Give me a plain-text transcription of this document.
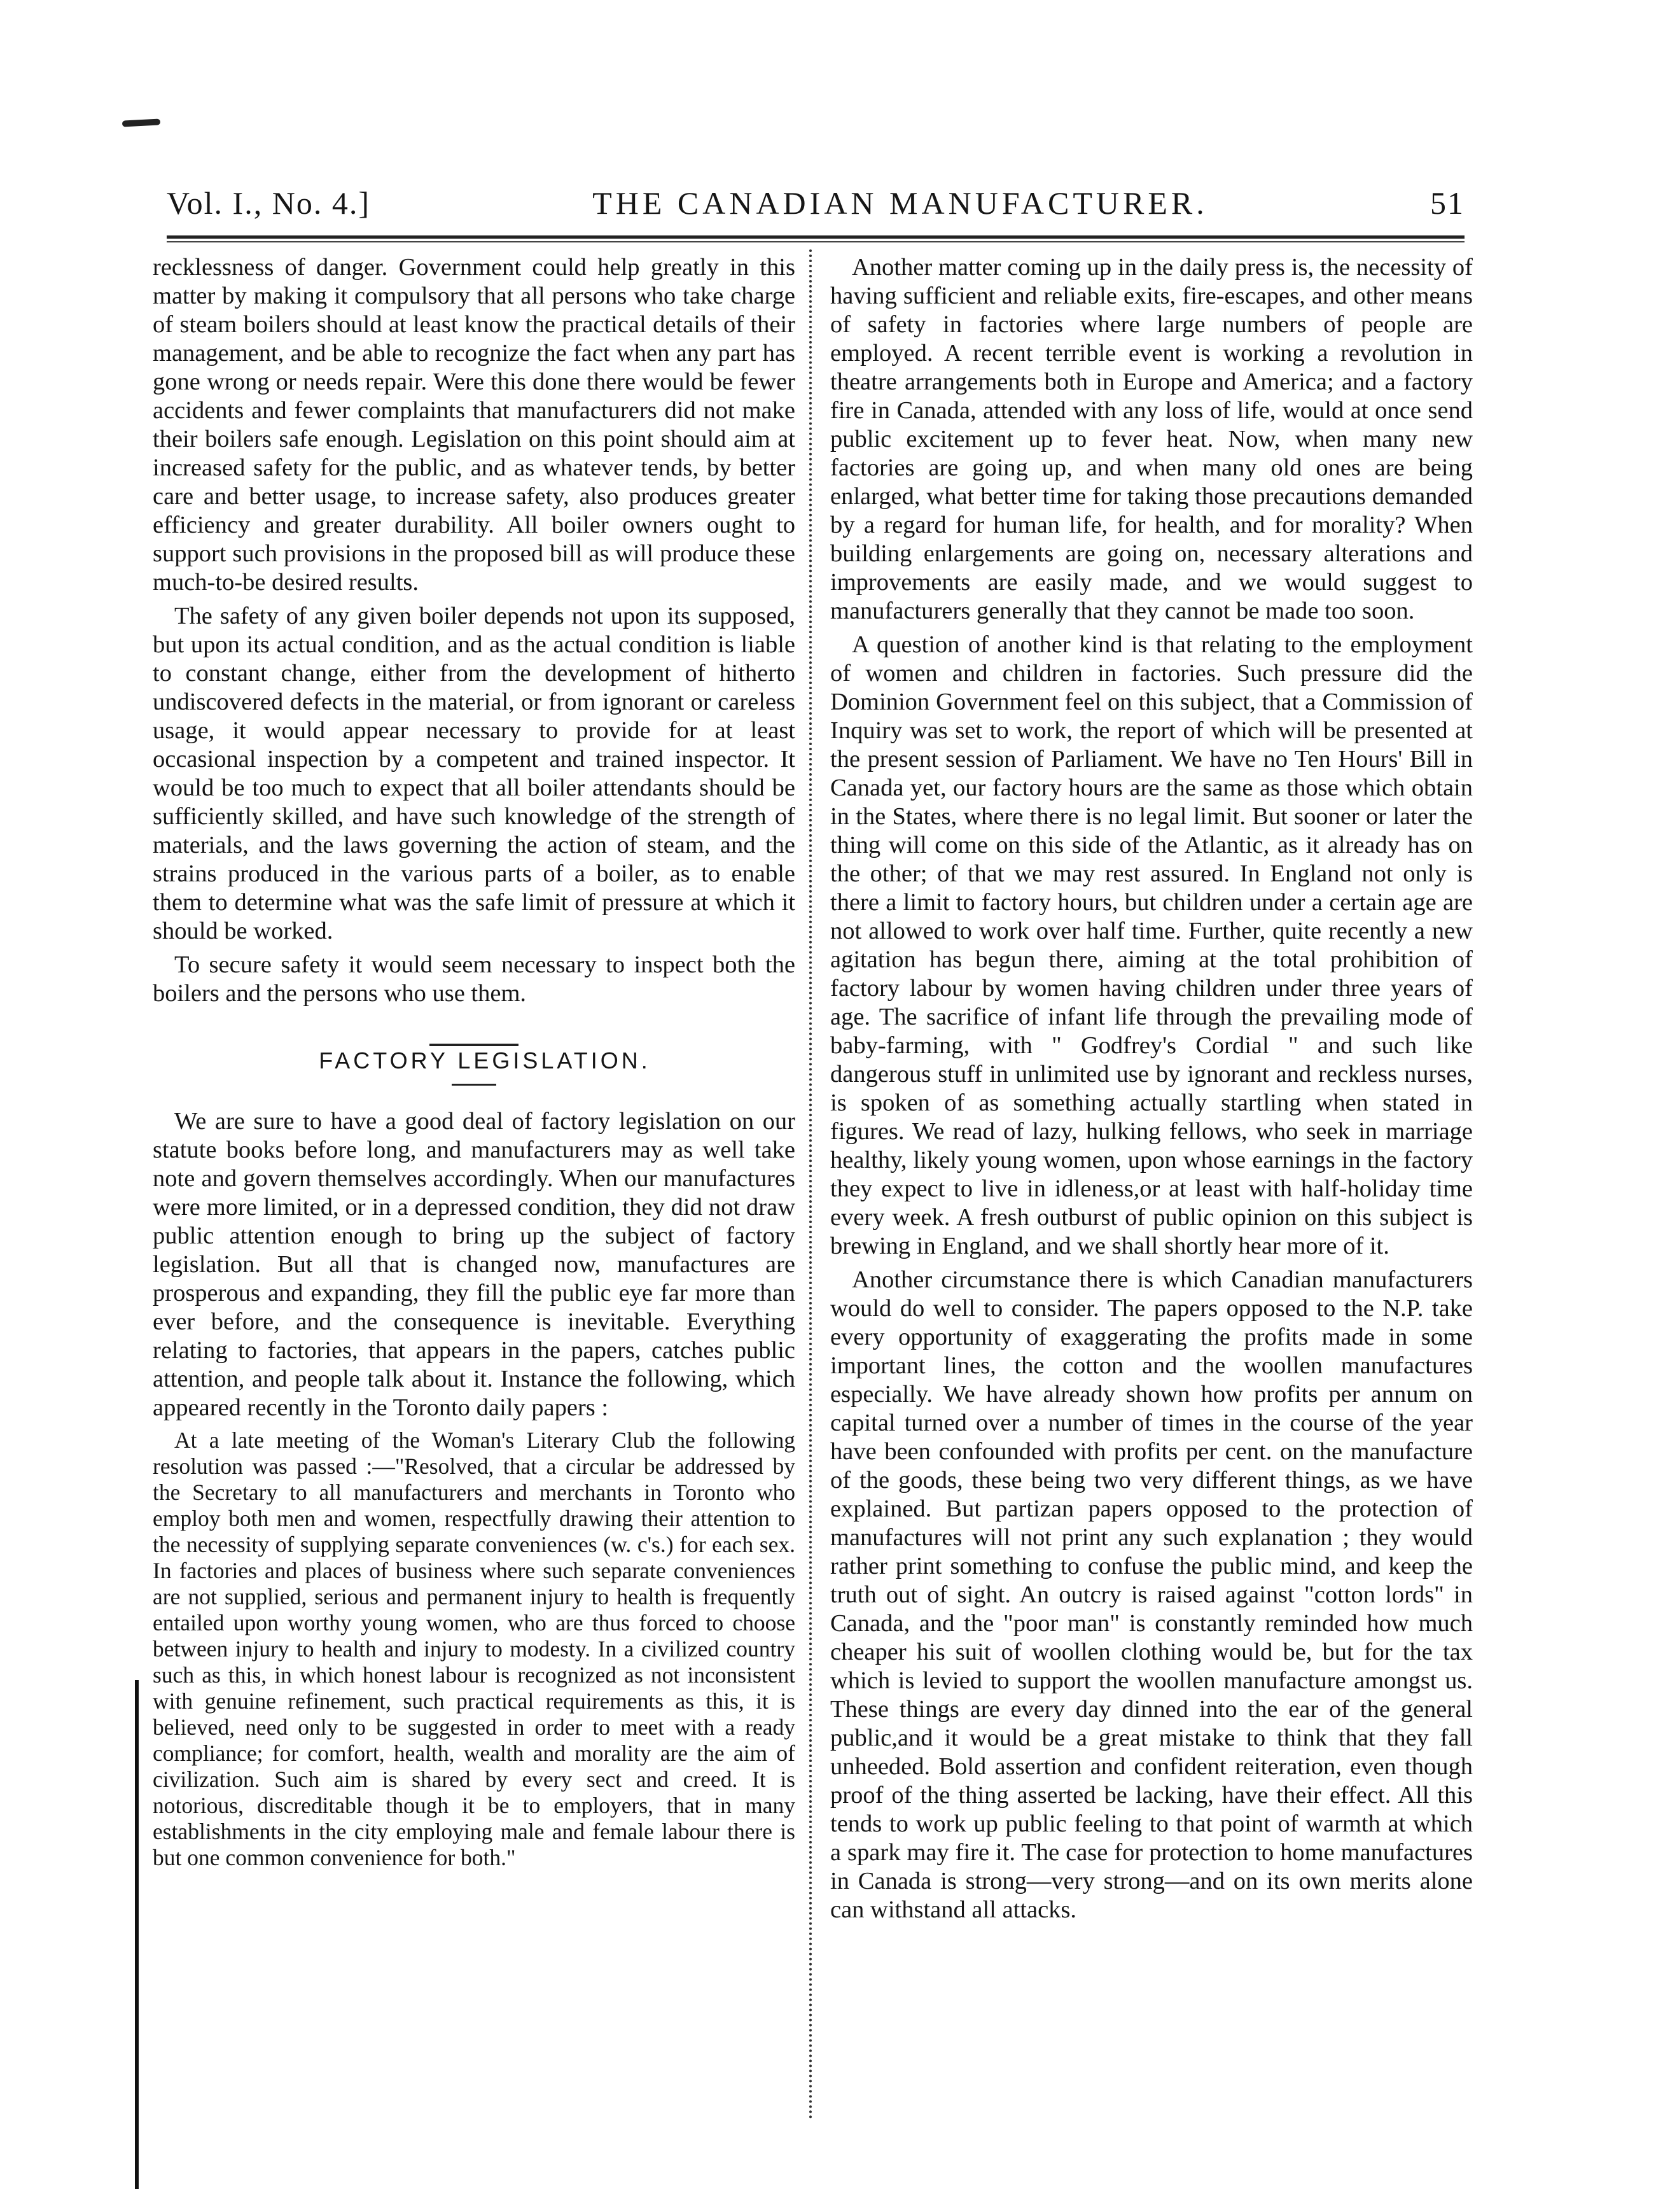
Vol. I., No. 4.]	THE CANADIAN MANUFACTURER.	51

recklessness of danger. Government could help greatly in this matter by making it compulsory that all persons who take charge of steam boilers should at least know the practical details of their management, and be able to recognize the fact when any part has gone wrong or needs repair. Were this done there would be fewer accidents and fewer complaints that manufacturers did not make their boilers safe enough. Legislation on this point should aim at increased safety for the public, and as whatever tends, by better care and better usage, to increase safety, also produces greater efficiency and greater durability. All boiler owners ought to support such provisions in the proposed bill as will produce these much-to-be desired results.

The safety of any given boiler depends not upon its supposed, but upon its actual condition, and as the actual condition is liable to constant change, either from the development of hitherto undiscovered defects in the material, or from ignorant or careless usage, it would appear necessary to provide for at least occasional inspection by a competent and trained inspector. It would be too much to expect that all boiler attendants should be sufficiently skilled, and have such knowledge of the strength of materials, and the laws governing the action of steam, and the strains produced in the various parts of a boiler, as to enable them to determine what was the safe limit of pressure at which it should be worked.

To secure safety it would seem necessary to inspect both the boilers and the persons who use them.

FACTORY LEGISLATION.

We are sure to have a good deal of factory legislation on our statute books before long, and manufacturers may as well take note and govern themselves accordingly. When our manufactures were more limited, or in a depressed condition, they did not draw public attention enough to bring up the subject of factory legislation. But all that is changed now, manufactures are prosperous and expanding, they fill the public eye far more than ever before, and the consequence is inevitable. Everything relating to factories, that appears in the papers, catches public attention, and people talk about it. Instance the following, which appeared recently in the Toronto daily papers :

At a late meeting of the Woman's Literary Club the following resolution was passed :—"Resolved, that a circular be addressed by the Secretary to all manufacturers and merchants in Toronto who employ both men and women, respectfully drawing their attention to the necessity of supplying separate conveniences (w. c's.) for each sex. In factories and places of business where such separate conveniences are not supplied, serious and permanent injury to health is frequently entailed upon worthy young women, who are thus forced to choose between injury to health and injury to modesty. In a civilized country such as this, in which honest labour is recognized as not inconsistent with genuine refinement, such practical requirements as this, it is believed, need only to be suggested in order to meet with a ready compliance; for comfort, health, wealth and morality are the aim of civilization. Such aim is shared by every sect and creed. It is notorious, discreditable though it be to employers, that in many establishments in the city employing male and female labour there is but one common convenience for both."

Another matter coming up in the daily press is, the necessity of having sufficient and reliable exits, fire-escapes, and other means of safety in factories where large numbers of people are employed. A recent terrible event is working a revolution in theatre arrangements both in Europe and America; and a factory fire in Canada, attended with any loss of life, would at once send public excitement up to fever heat. Now, when many new factories are going up, and when many old ones are being enlarged, what better time for taking those precautions demanded by a regard for human life, for health, and for morality? When building enlargements are going on, necessary alterations and improvements are easily made, and we would suggest to manufacturers generally that they cannot be made too soon.

A question of another kind is that relating to the employment of women and children in factories. Such pressure did the Dominion Government feel on this subject, that a Commission of Inquiry was set to work, the report of which will be presented at the present session of Parliament. We have no Ten Hours' Bill in Canada yet, our factory hours are the same as those which obtain in the States, where there is no legal limit. But sooner or later the thing will come on this side of the Atlantic, as it already has on the other; of that we may rest assured. In England not only is there a limit to factory hours, but children under a certain age are not allowed to work over half time. Further, quite recently a new agitation has begun there, aiming at the total prohibition of factory labour by women having children under three years of age. The sacrifice of infant life through the prevailing mode of baby-farming, with " Godfrey's Cordial " and such like dangerous stuff in unlimited use by ignorant and reckless nurses, is spoken of as something actually startling when stated in figures. We read of lazy, hulking fellows, who seek in marriage healthy, likely young women, upon whose earnings in the factory they expect to live in idleness,or at least with half-holiday time every week. A fresh outburst of public opinion on this subject is brewing in England, and we shall shortly hear more of it.

Another circumstance there is which Canadian manufacturers would do well to consider. The papers opposed to the N.P. take every opportunity of exaggerating the profits made in some important lines, the cotton and the woollen manufactures especially. We have already shown how profits per annum on capital turned over a number of times in the course of the year have been confounded with profits per cent. on the manufacture of the goods, these being two very different things, as we have explained. But partizan papers opposed to the protection of manufactures will not print any such explanation ; they would rather print something to confuse the public mind, and keep the truth out of sight. An outcry is raised against "cotton lords" in Canada, and the "poor man" is constantly reminded how much cheaper his suit of woollen clothing would be, but for the tax which is levied to support the woollen manufacture amongst us. These things are every day dinned into the ear of the general public,and it would be a great mistake to think that they fall unheeded. Bold assertion and confident reiteration, even though proof of the thing asserted be lacking, have their effect. All this tends to work up public feeling to that point of warmth at which a spark may fire it. The case for protection to home manufactures in Canada is strong—very strong—and on its own merits alone can withstand all attacks.
